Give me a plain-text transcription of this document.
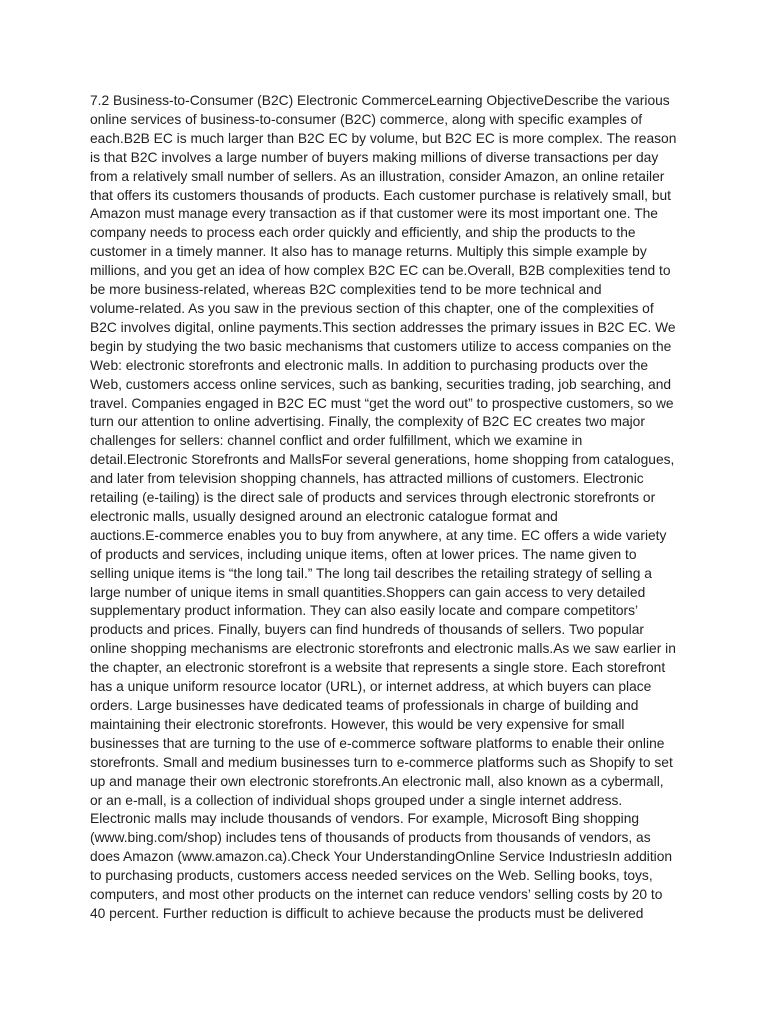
7.2 Business-to-Consumer (B2C) Electronic CommerceLearning ObjectiveDescribe the various
online services of business-to-consumer (B2C) commerce, along with specific examples of
each.B2B EC is much larger than B2C EC by volume, but B2C EC is more complex. The reason
is that B2C involves a large number of buyers making millions of diverse transactions per day
from a relatively small number of sellers. As an illustration, consider Amazon, an online retailer
that offers its customers thousands of products. Each customer purchase is relatively small, but
Amazon must manage every transaction as if that customer were its most important one. The
company needs to process each order quickly and efficiently, and ship the products to the
customer in a timely manner. It also has to manage returns. Multiply this simple example by
millions, and you get an idea of how complex B2C EC can be.Overall, B2B complexities tend to
be more business-related, whereas B2C complexities tend to be more technical and
volume-related. As you saw in the previous section of this chapter, one of the complexities of
B2C involves digital, online payments.This section addresses the primary issues in B2C EC. We
begin by studying the two basic mechanisms that customers utilize to access companies on the
Web: electronic storefronts and electronic malls. In addition to purchasing products over the
Web, customers access online services, such as banking, securities trading, job searching, and
travel. Companies engaged in B2C EC must “get the word out” to prospective customers, so we
turn our attention to online advertising. Finally, the complexity of B2C EC creates two major
challenges for sellers: channel conflict and order fulfillment, which we examine in
detail.Electronic Storefronts and MallsFor several generations, home shopping from catalogues,
and later from television shopping channels, has attracted millions of customers. Electronic
retailing (e-tailing) is the direct sale of products and services through electronic storefronts or
electronic malls, usually designed around an electronic catalogue format and
auctions.E-commerce enables you to buy from anywhere, at any time. EC offers a wide variety
of products and services, including unique items, often at lower prices. The name given to
selling unique items is “the long tail.” The long tail describes the retailing strategy of selling a
large number of unique items in small quantities.Shoppers can gain access to very detailed
supplementary product information. They can also easily locate and compare competitors’
products and prices. Finally, buyers can find hundreds of thousands of sellers. Two popular
online shopping mechanisms are electronic storefronts and electronic malls.As we saw earlier in
the chapter, an electronic storefront is a website that represents a single store. Each storefront
has a unique uniform resource locator (URL), or internet address, at which buyers can place
orders. Large businesses have dedicated teams of professionals in charge of building and
maintaining their electronic storefronts. However, this would be very expensive for small
businesses that are turning to the use of e-commerce software platforms to enable their online
storefronts. Small and medium businesses turn to e-commerce platforms such as Shopify to set
up and manage their own electronic storefronts.An electronic mall, also known as a cybermall,
or an e-mall, is a collection of individual shops grouped under a single internet address.
Electronic malls may include thousands of vendors. For example, Microsoft Bing shopping
(www.bing.com/shop) includes tens of thousands of products from thousands of vendors, as
does Amazon (www.amazon.ca).Check Your UnderstandingOnline Service IndustriesIn addition
to purchasing products, customers access needed services on the Web. Selling books, toys,
computers, and most other products on the internet can reduce vendors’ selling costs by 20 to
40 percent. Further reduction is difficult to achieve because the products must be delivered
